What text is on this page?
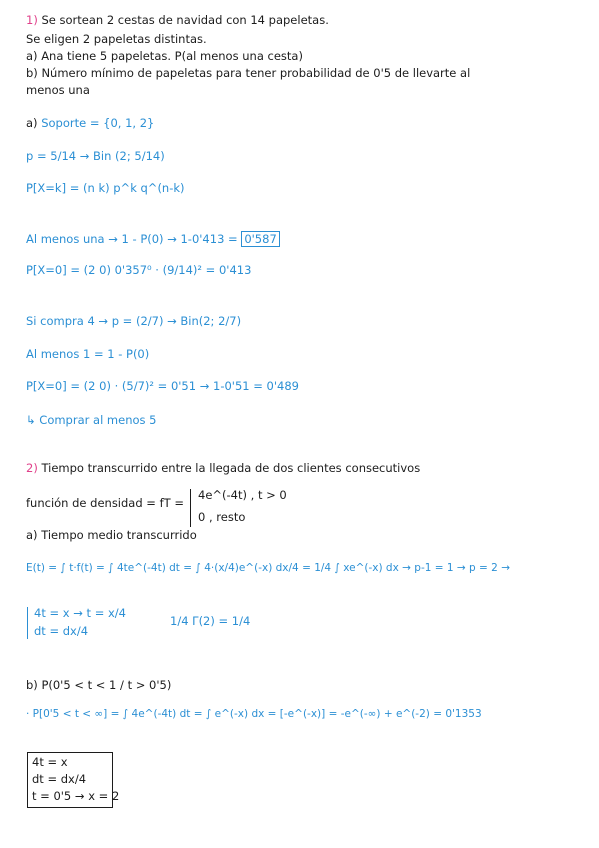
1) Se sortean 2 cestas de navidad con 14 papeletas.
Se eligen 2 papeletas distintas.
a) Ana tiene 5 papeletas. P(al menos una cesta)
b) Número mínimo de papeletas para tener probabilidad de 0'5 de llevarte al
menos una
a) Soporte = {0, 1, 2}
p = 5/14 → Bin (2; 5/14)
P[X=k] = (n k) p^k q^(n-k)
Al menos una → 1 - P(0) → 1-0'413 = 0'587
P[X=0] = (2 0) 0'357⁰ · (9/14)² = 0'413
Si compra 4 → p = (2/7) → Bin(2; 2/7)
Al menos 1 = 1 - P(0)
P[X=0] = (2 0) · (5/7)² = 0'51 → 1-0'51 = 0'489
↳ Comprar al menos 5
2) Tiempo transcurrido entre la llegada de dos clientes consecutivos
función de densidad = fT =
4e^(-4t) , t > 0
0 , resto
a) Tiempo medio transcurrido
E(t) = ∫ t·f(t) = ∫ 4te^(-4t) dt = ∫ 4·(x/4)e^(-x) dx/4 = 1/4 ∫ xe^(-x) dx → p-1 = 1 → p = 2 →
4t = x → t = x/4
dt = dx/4
1/4 Γ(2) = 1/4
b) P(0'5 < t < 1 / t > 0'5)
· P[0'5 < t < ∞] = ∫ 4e^(-4t) dt = ∫ e^(-x) dx = [-e^(-x)] = -e^(-∞) + e^(-2) = 0'1353
4t = x
dt = dx/4
t = 0'5 → x = 2
